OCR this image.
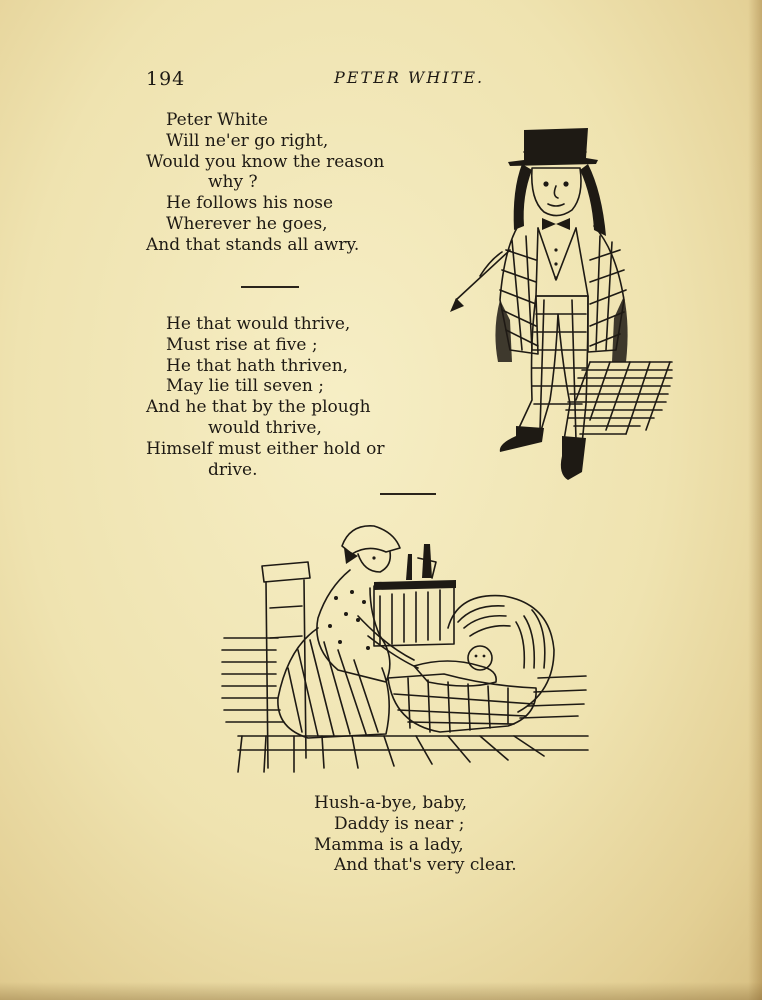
194	PETER WHITE.
Peter White
Will ne'er go right,
Would you know the reason
why ?
He follows his nose
Wherever he goes,
And that stands all awry.
He that would thrive,
Must rise at five ;
He that hath thriven,
May lie till seven ;
And he that by the plough
would thrive,
Himself must either hold or
drive.
Hush-a-bye, baby,
Daddy is near ;
Mamma is a lady,
And that's very clear.
